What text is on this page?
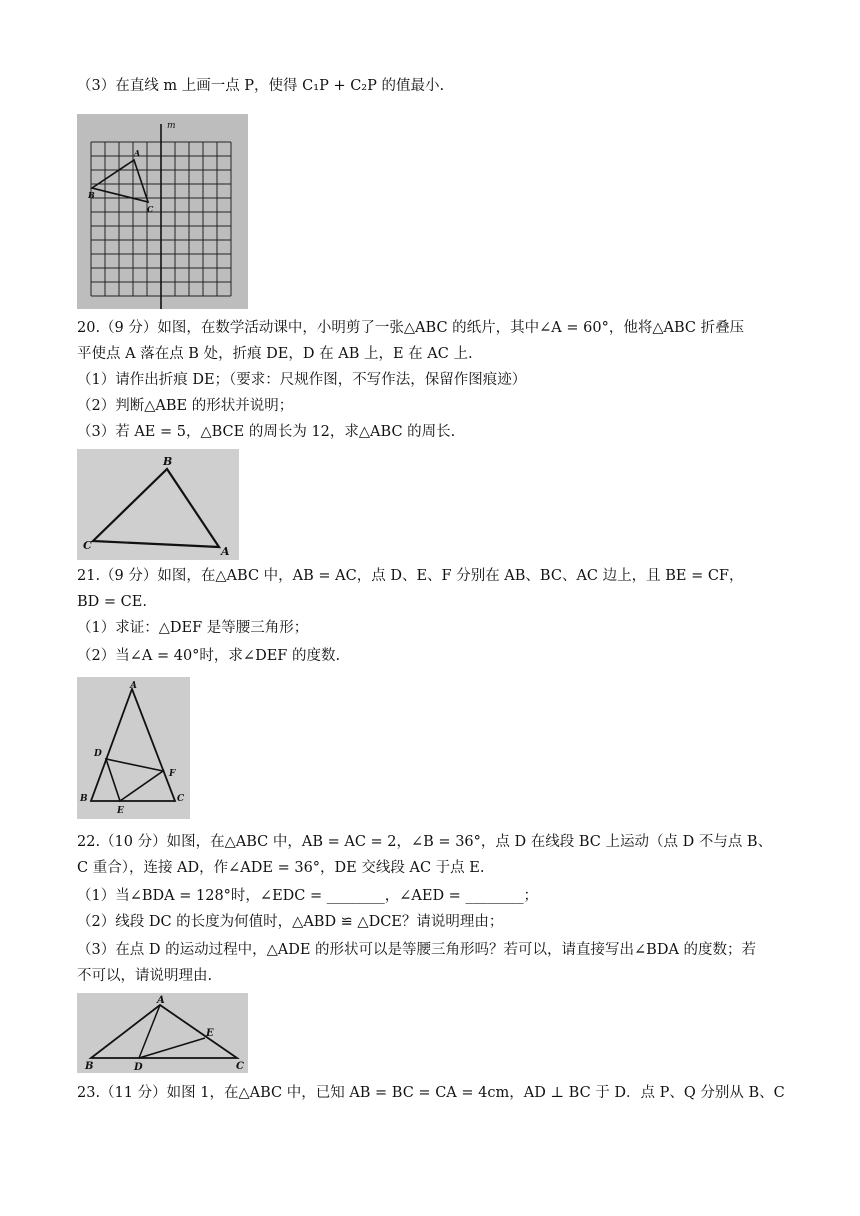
（3）在直线 m 上画一点 P，使得 C₁P + C₂P 的值最小.
m
A
B
C
20.（9 分）如图，在数学活动课中，小明剪了一张△ABC 的纸片，其中∠A = 60°，他将△ABC 折叠压
平使点 A 落在点 B 处，折痕 DE，D 在 AB 上，E 在 AC 上.
（1）请作出折痕 DE；（要求：尺规作图，不写作法，保留作图痕迹）
（2）判断△ABE 的形状并说明；
（3）若 AE = 5，△BCE 的周长为 12，求△ABC 的周长.
B
C	A
21.（9 分）如图，在△ABC 中，AB = AC，点 D、E、F 分别在 AB、BC、AC 边上，且 BE = CF，
BD = CE.
（1）求证：△DEF 是等腰三角形；
（2）当∠A = 40°时，求∠DEF 的度数.
A
D
F
B
E
C
22.（10 分）如图，在△ABC 中，AB = AC = 2，∠B = 36°，点 D 在线段 BC 上运动（点 D 不与点 B、
C 重合），连接 AD，作∠ADE = 36°，DE 交线段 AC 于点 E.
（1）当∠BDA = 128°时，∠EDC = ________，∠AED = ________；
（2）线段 DC 的长度为何值时，△ABD ≌ △DCE？请说明理由；
（3）在点 D 的运动过程中，△ADE 的形状可以是等腰三角形吗？若可以，请直接写出∠BDA 的度数；若
不可以，请说明理由.
A
E
B	D	C
23.（11 分）如图 1，在△ABC 中，已知 AB = BC = CA = 4cm，AD ⊥ BC 于 D．点 P、Q 分别从 B、C
